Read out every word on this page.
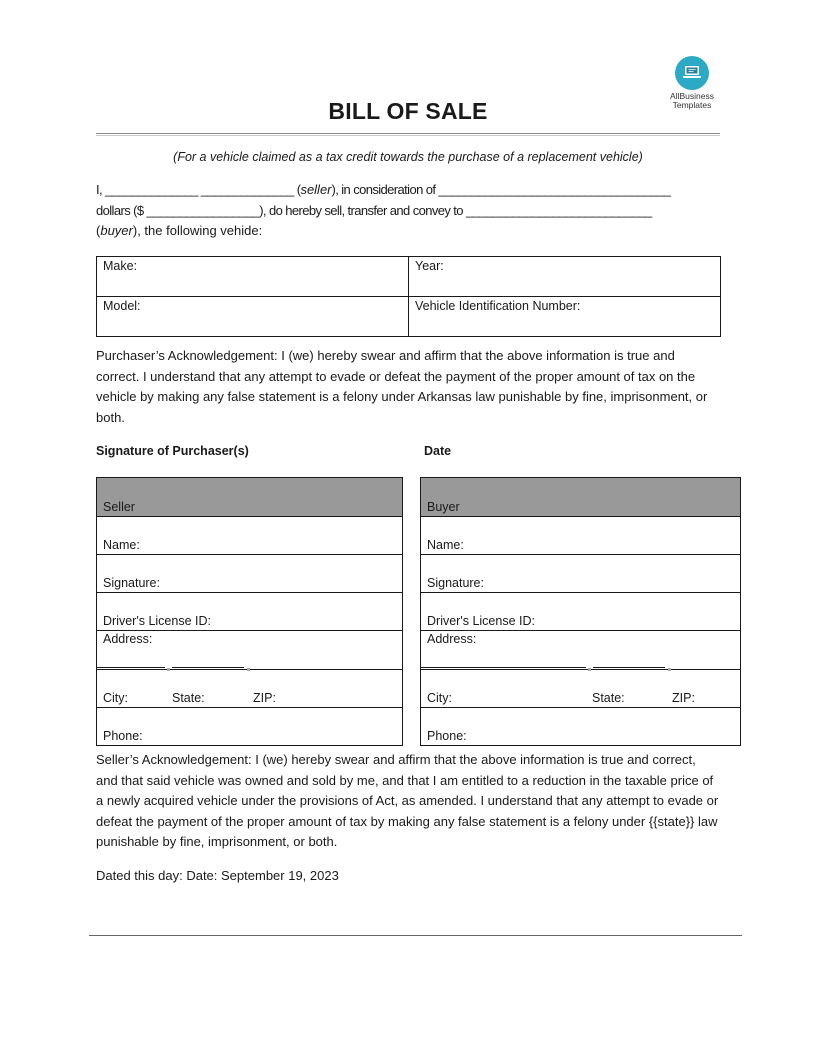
AllBusiness
Templates
BILL OF SALE
(For a vehicle claimed as a tax credit towards the purchase of a replacement vehicle)
I, ______________ ______________ (seller), in consideration of ___________________________________
dollars ($ _________________), do hereby sell, transfer and convey to ____________________________
(buyer), the following vehide:
Make:	Year:
Model:	Vehicle Identification Number:
Purchaser’s Acknowledgement: I (we) hereby swear and affirm that the above information is true and correct. I understand that any attempt to evade or defeat the payment of the proper amount of tax on the vehicle by making any false statement is a felony under Arkansas law punishable by fine, imprisonment, or both.
Signature of Purchaser(s)	Date
Seller
Name:
Signature:
Driver's License ID:
Address:

City:	State:	ZIP:

Phone:
Buyer
Name:
Signature:
Driver's License ID:
Address:

City:	State:	ZIP:

Phone:
Seller’s Acknowledgement: I (we) hereby swear and affirm that the above information is true and correct, and that said vehicle was owned and sold by me, and that I am entitled to a reduction in the taxable price of a newly acquired vehicle under the provisions of Act, as amended. I understand that any attempt to evade or defeat the payment of the proper amount of tax by making any false statement is a felony under {{state}} law punishable by fine, imprisonment, or both.
Dated this day: Date: September 19, 2023
